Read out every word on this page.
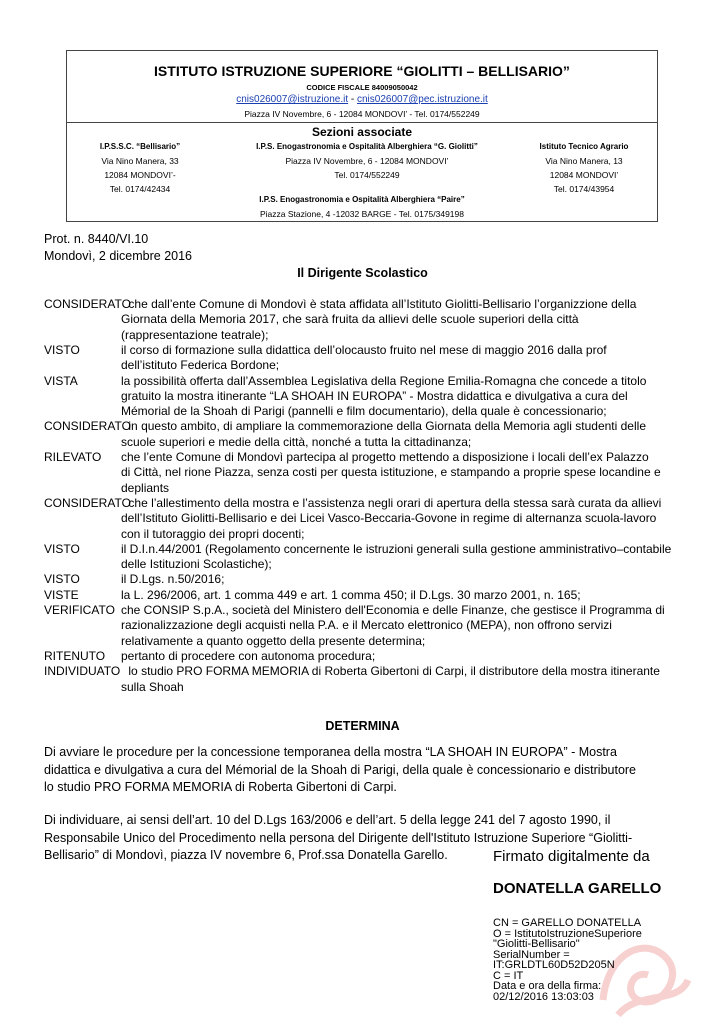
ISTITUTO ISTRUZIONE SUPERIORE “GIOLITTI – BELLISARIO”
CODICE FISCALE 84009050042
cnis026007@istruzione.it - cnis026007@pec.istruzione.it
Piazza IV Novembre, 6 - 12084 MONDOVI’ - Tel. 0174/552249
Sezioni associate
I.P.S.S.C. “Bellisario”
Via Nino Manera, 33
12084 MONDOVI’-
Tel. 0174/42434
I.P.S. Enogastronomia e Ospitalità Alberghiera “G. Giolitti”
Piazza IV Novembre, 6 - 12084 MONDOVI’
Tel. 0174/552249
Istituto Tecnico Agrario
Via Nino Manera, 13
12084 MONDOVI’
Tel. 0174/43954
I.P.S. Enogastronomia e Ospitalità Alberghiera “Paire”
Piazza Stazione, 4 -12032 BARGE - Tel. 0175/349198
Prot. n. 8440/VI.10
Mondovì, 2 dicembre 2016
Il Dirigente Scolastico
CONSIDERATO
che dall’ente Comune di Mondovì è stata affidata all’Istituto Giolitti-Bellisario l’organizzione della
Giornata della Memoria 2017, che sarà fruita da allievi delle scuole superiori della città
(rappresentazione teatrale);
VISTO	il corso di formazione sulla didattica dell’olocausto fruito nel mese di maggio 2016 dalla prof
dell’istituto Federica Bordone;
VISTA	la possibilità offerta dall’Assemblea Legislativa della Regione Emilia-Romagna che concede a titolo
gratuito la mostra itinerante “LA SHOAH IN EUROPA” - Mostra didattica e divulgativa a cura del
Mémorial de la Shoah di Parigi (pannelli e film documentario), della quale è concessionario;
CONSIDERATO
in questo ambito, di ampliare la commemorazione della Giornata della Memoria agli studenti delle
scuole superiori e medie della città, nonché a tutta la cittadinanza;
RILEVATO che l’ente Comune di Mondovì partecipa al progetto mettendo a disposizione i locali dell’ex Palazzo
di Città, nel rione Piazza, senza costi per questa istituzione, e stampando a proprie spese locandine e
depliants
CONSIDERATO
che l’allestimento della mostra e l’assistenza negli orari di apertura della stessa sarà curata da allievi
dell’Istituto Giolitti-Bellisario e dei Licei Vasco-Beccaria-Govone in regime di alternanza scuola-lavoro
con il tutoraggio dei propri docenti;
VISTO	il D.I.n.44/2001 (Regolamento concernente le istruzioni generali sulla gestione amministrativo–contabile
delle Istituzioni Scolastiche);
VISTO	il D.Lgs. n.50/2016;
VISTE	la L. 296/2006, art. 1 comma 449 e art. 1 comma 450; il D.Lgs. 30 marzo 2001, n. 165;
VERIFICATO che CONSIP S.p.A., società del Ministero dell'Economia e delle Finanze, che gestisce il Programma di
razionalizzazione degli acquisti nella P.A. e il Mercato elettronico (MEPA), non offrono servizi
relativamente a quanto oggetto della presente determina;
RITENUTO pertanto di procedere con autonoma procedura;
INDIVIDUATO lo studio PRO FORMA MEMORIA di Roberta Gibertoni di Carpi, il distributore della mostra itinerante
sulla Shoah
DETERMINA
Di avviare le procedure per la concessione temporanea della mostra “LA SHOAH IN EUROPA” - Mostra
didattica e divulgativa a cura del Mémorial de la Shoah di Parigi, della quale è concessionario e distributore
lo studio PRO FORMA MEMORIA di Roberta Gibertoni di Carpi.
Di individuare, ai sensi dell’art. 10 del D.Lgs 163/2006 e dell’art. 5 della legge 241 del 7 agosto 1990, il
Responsabile Unico del Procedimento nella persona del Dirigente dell'Istituto Istruzione Superiore “Giolitti-
Bellisario” di Mondovì, piazza IV novembre 6, Prof.ssa Donatella Garello.	Firmato digitalmente da
DONATELLA GARELLO
CN = GARELLO DONATELLA
O = IstitutoIstruzioneSuperiore
"Giolitti-Bellisario"
SerialNumber =
IT:GRLDTL60D52D205N
C = IT
Data e ora della firma:
02/12/2016 13:03:03
